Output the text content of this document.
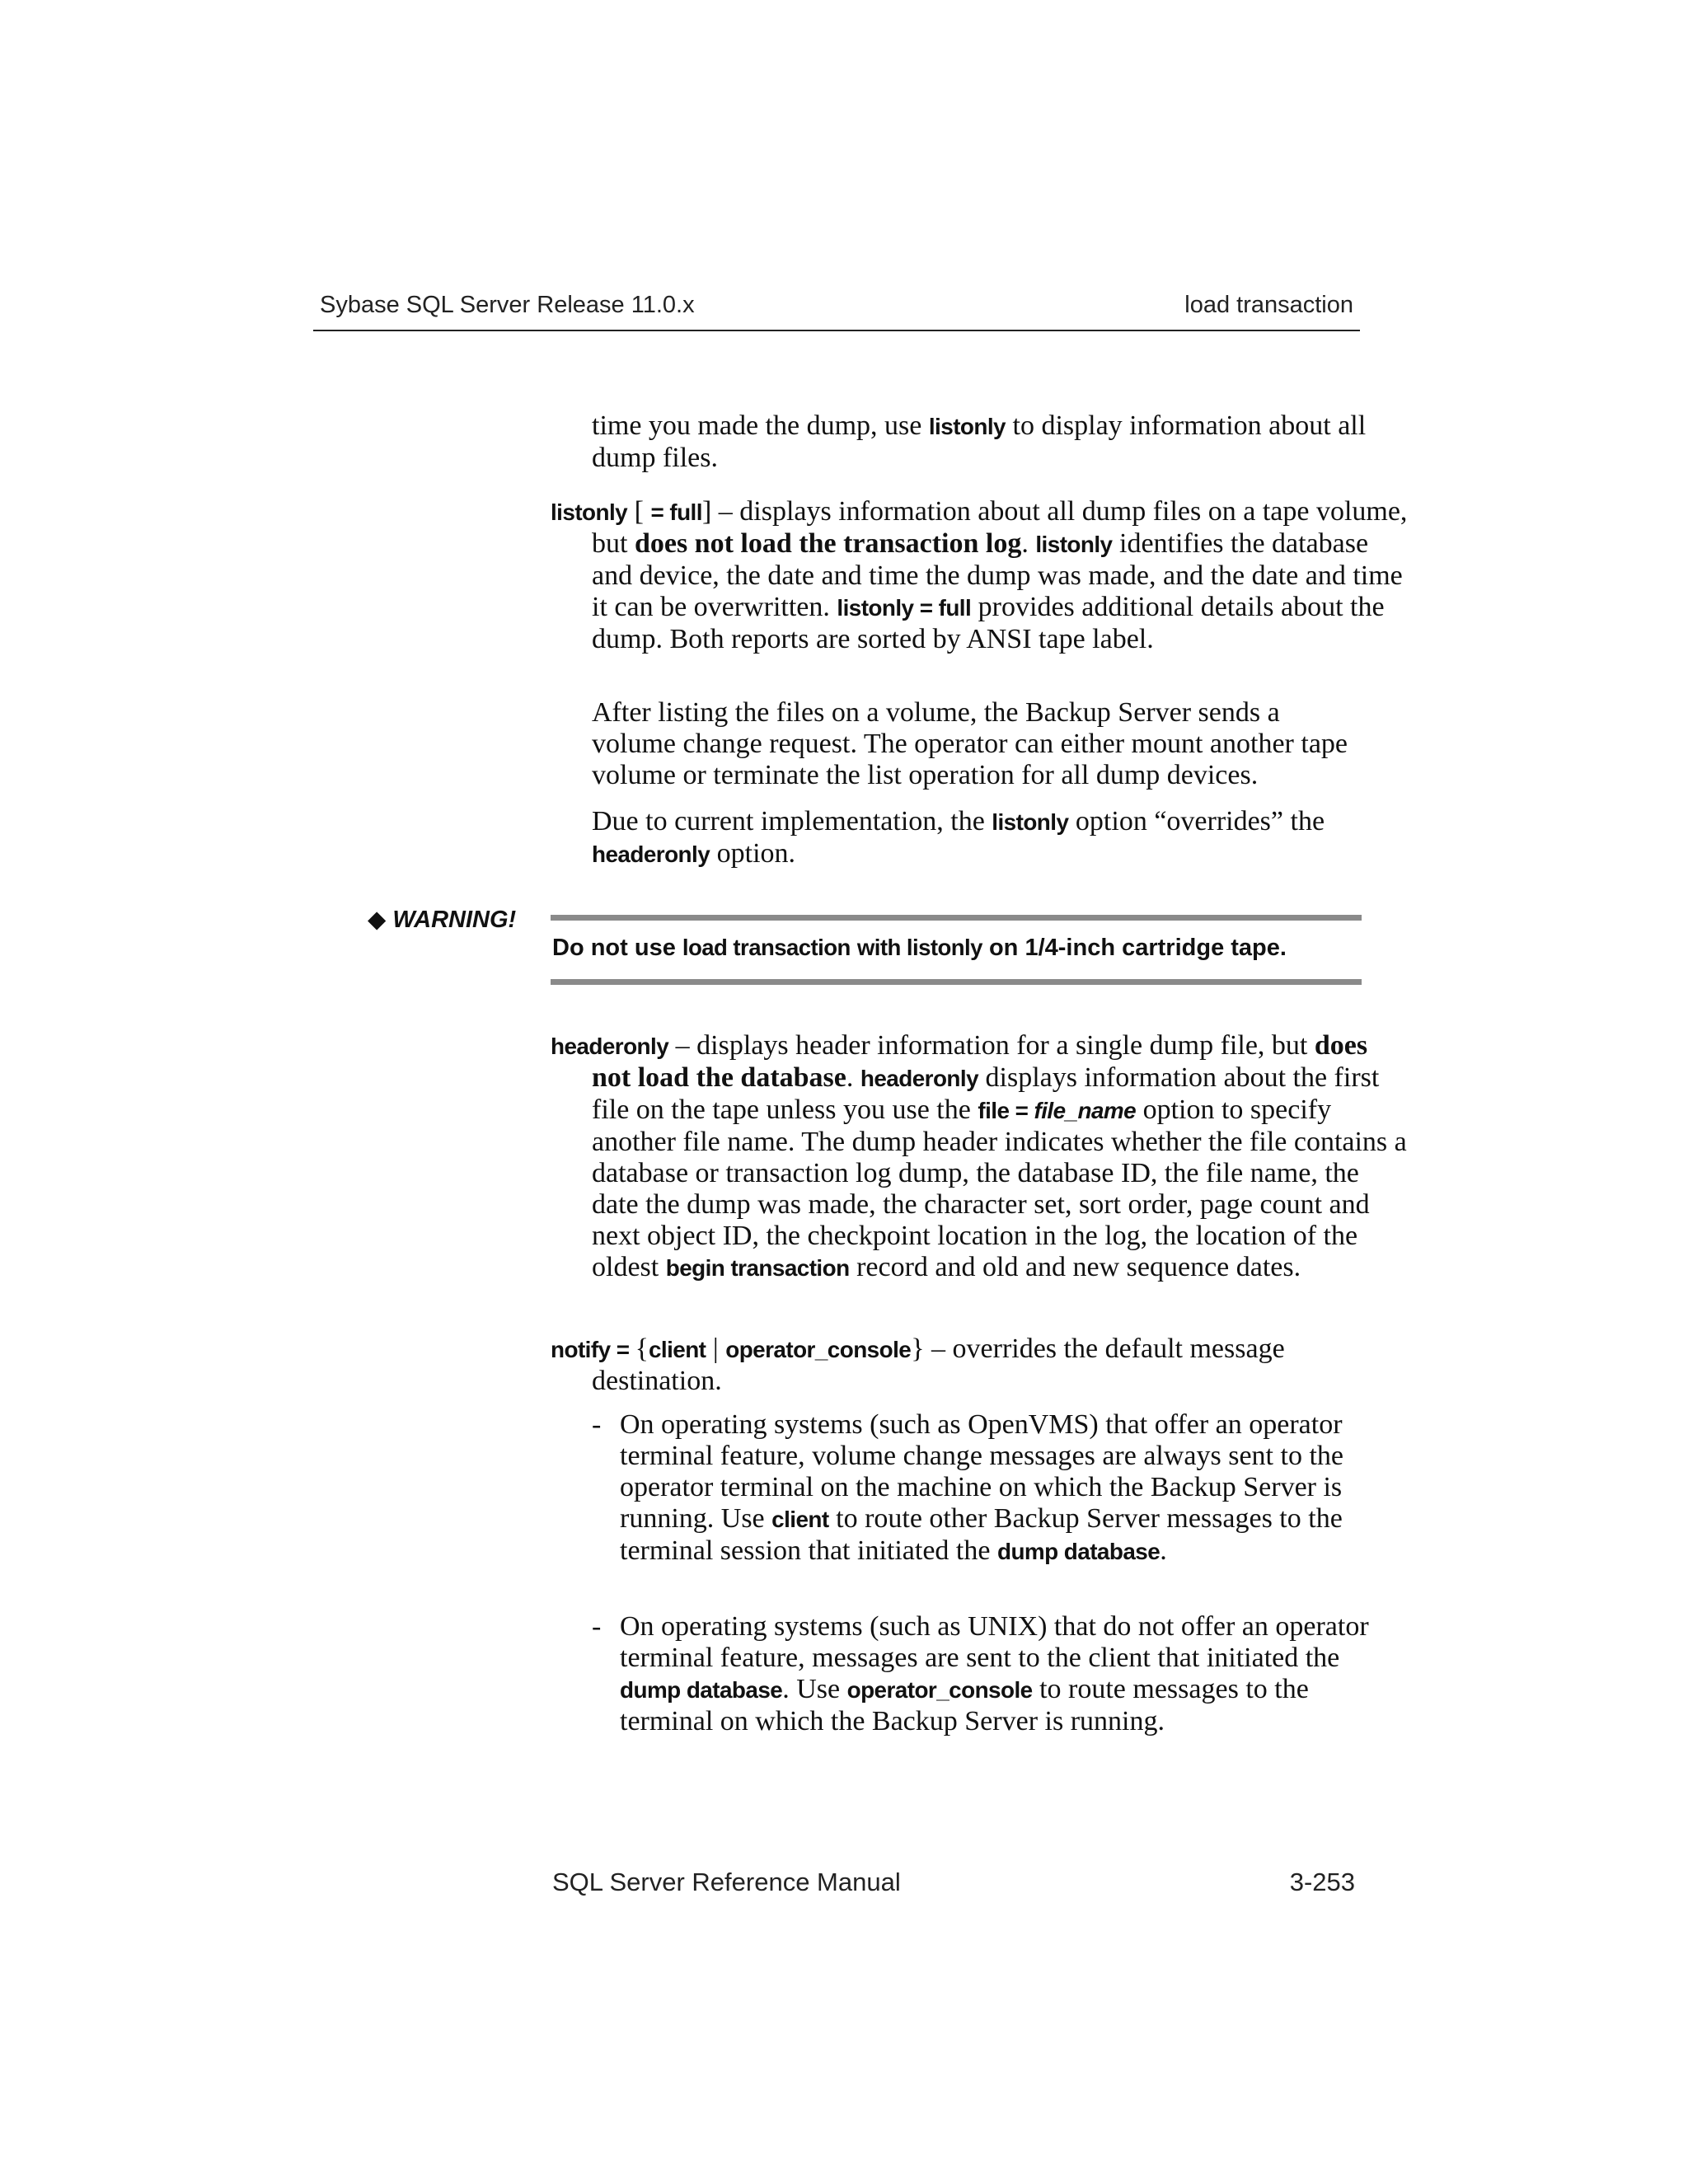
Sybase SQL Server Release 11.0.x	load transaction
time you made the dump, use listonly to display information about all dump files.
listonly [ = full] – displays information about all dump files on a tape volume, but does not load the transaction log. listonly identifies the database and device, the date and time the dump was made, and the date and time it can be overwritten. listonly = full provides additional details about the dump. Both reports are sorted by ANSI tape label.
After listing the files on a volume, the Backup Server sends a volume change request. The operator can either mount another tape volume or terminate the list operation for all dump devices.
Due to current implementation, the listonly option “overrides” the headeronly option.
◆ WARNING!
Do not use load transaction with listonly on 1/4-inch cartridge tape.
headeronly – displays header information for a single dump file, but does not load the database. headeronly displays information about the first file on the tape unless you use the file = file_name option to specify another file name. The dump header indicates whether the file contains a database or transaction log dump, the database ID, the file name, the date the dump was made, the character set, sort order, page count and next object ID, the checkpoint location in the log, the location of the oldest begin transaction record and old and new sequence dates.
notify = {client | operator_console} – overrides the default message destination.
- On operating systems (such as OpenVMS) that offer an operator terminal feature, volume change messages are always sent to the operator terminal on the machine on which the Backup Server is running. Use client to route other Backup Server messages to the terminal session that initiated the dump database.
- On operating systems (such as UNIX) that do not offer an operator terminal feature, messages are sent to the client that initiated the dump database. Use operator_console to route messages to the terminal on which the Backup Server is running.
SQL Server Reference Manual	3-253
